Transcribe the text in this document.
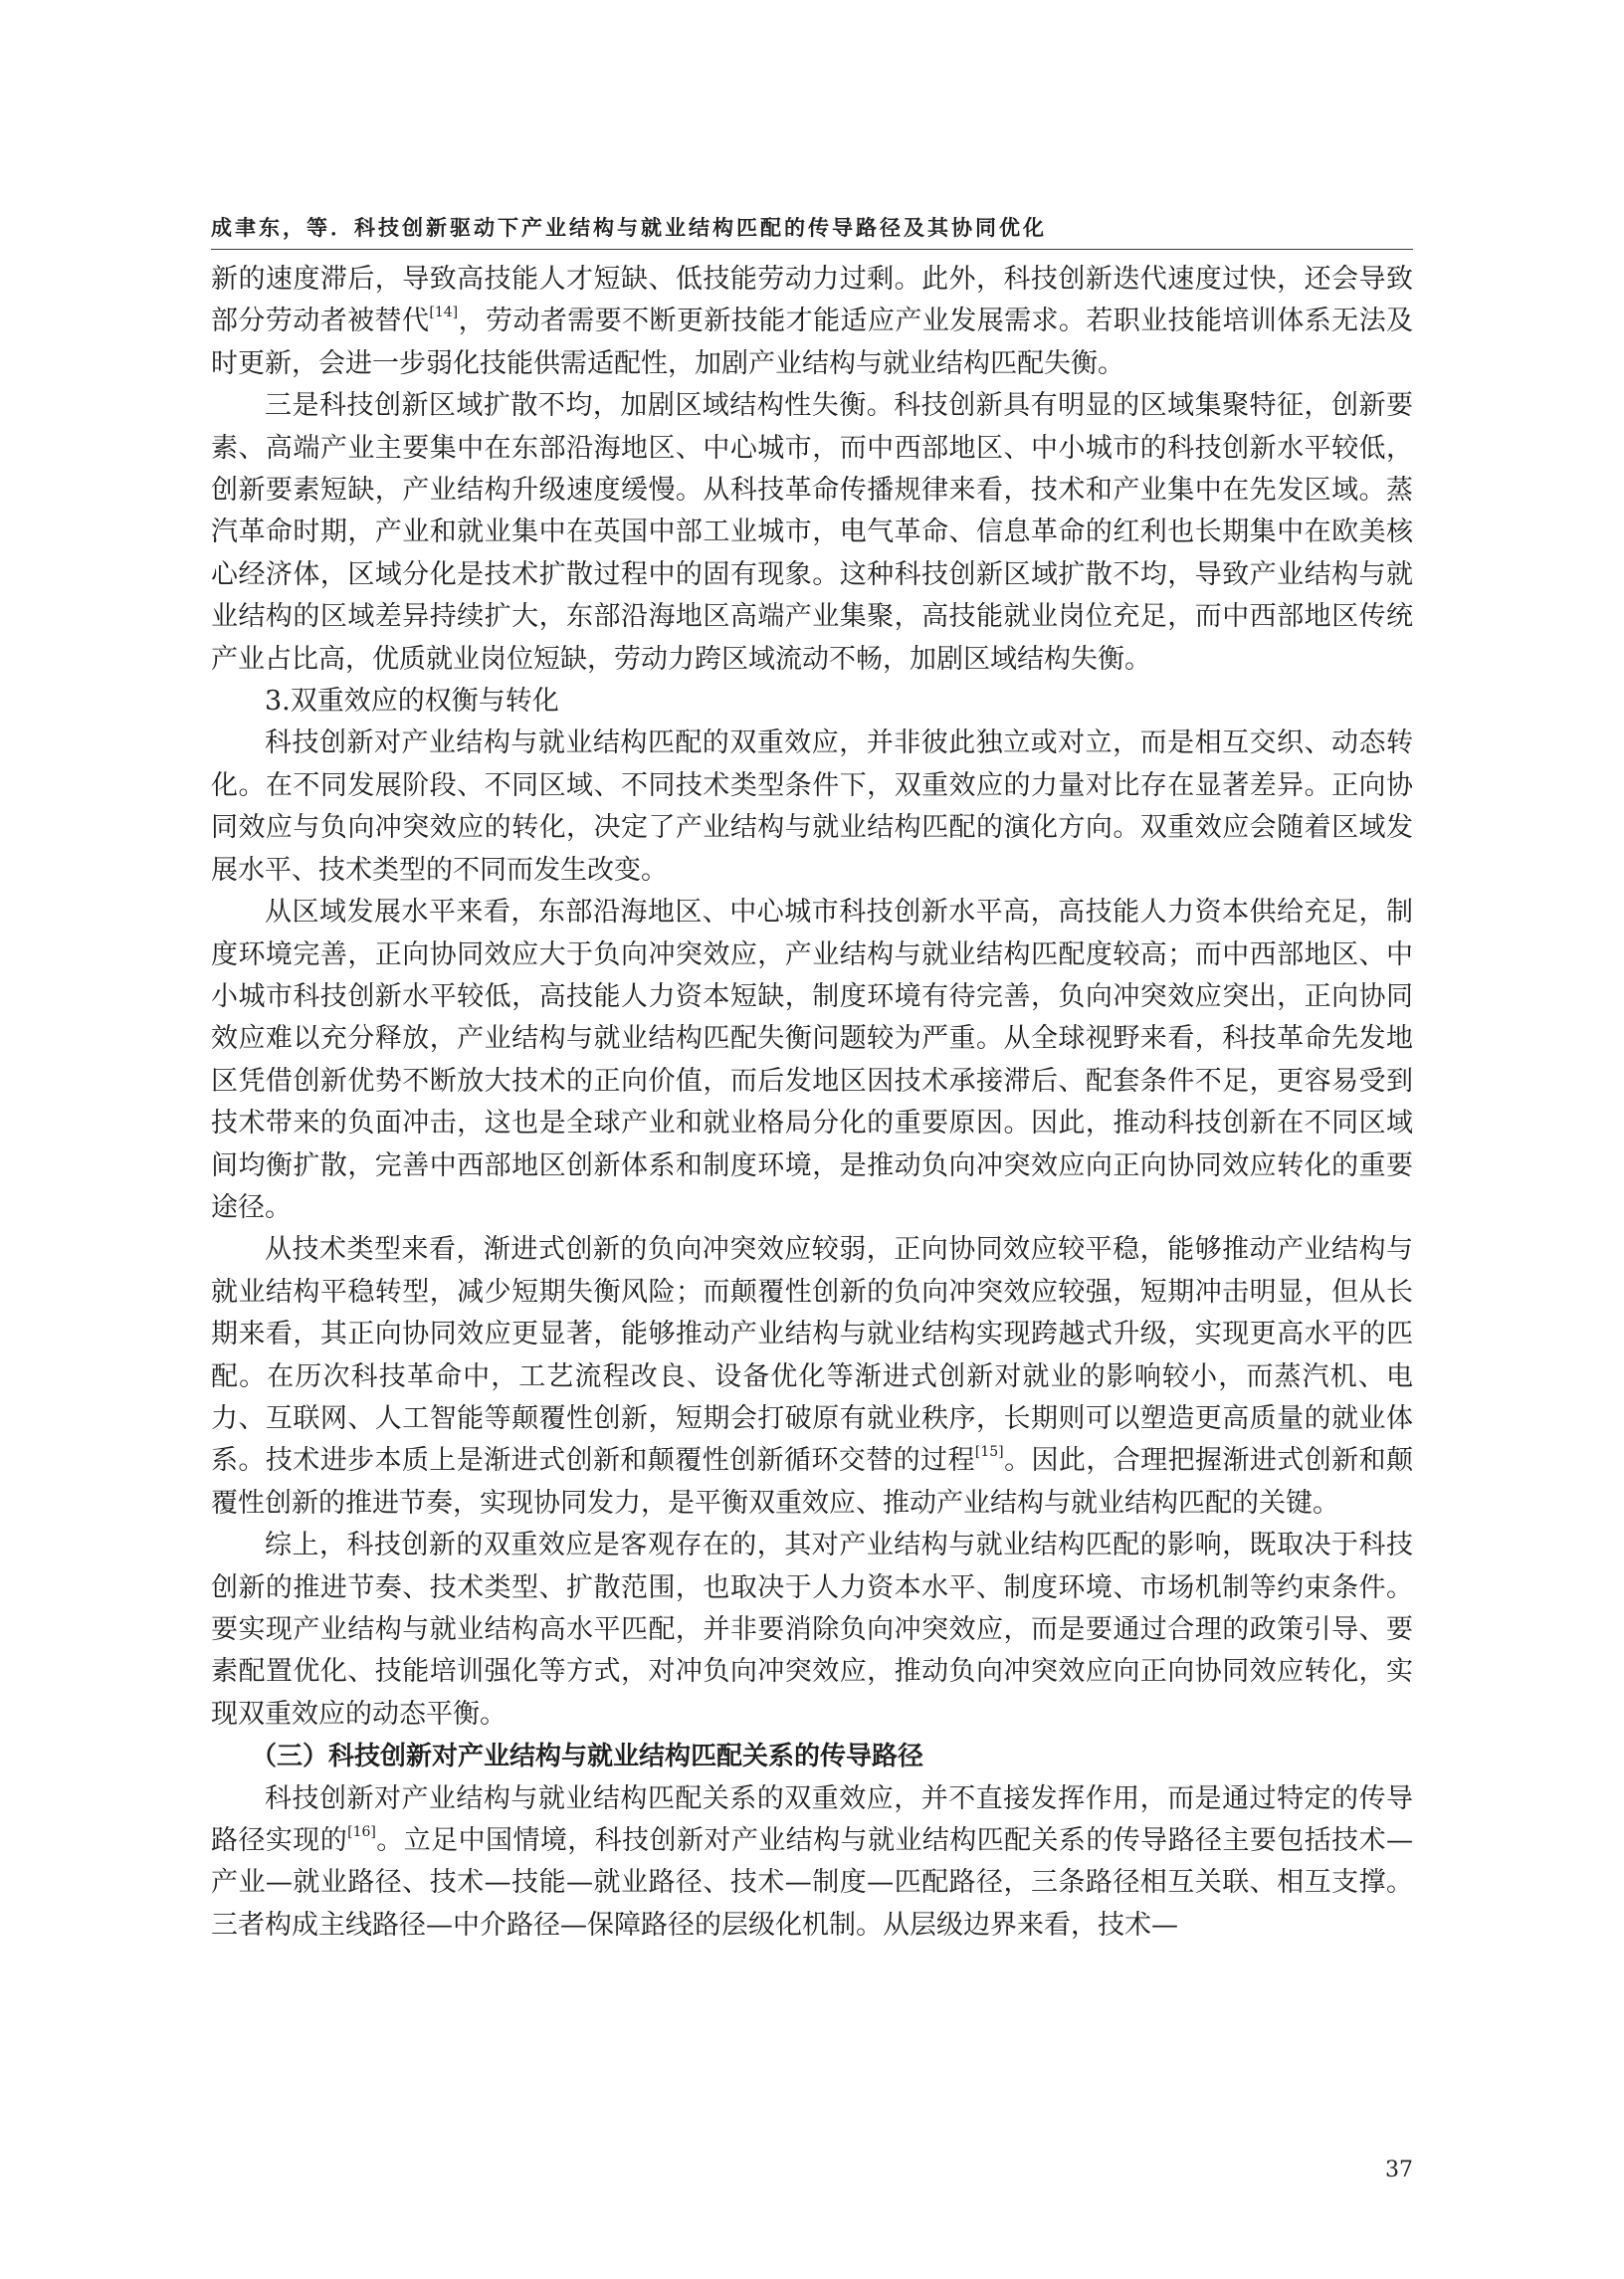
成聿东，等．科技创新驱动下产业结构与就业结构匹配的传导路径及其协同优化

新的速度滞后，导致高技能人才短缺、低技能劳动力过剩。此外，科技创新迭代速度过快，还会导致部分劳动者被替代[14]，劳动者需要不断更新技能才能适应产业发展需求。若职业技能培训体系无法及时更新，会进一步弱化技能供需适配性，加剧产业结构与就业结构匹配失衡。

三是科技创新区域扩散不均，加剧区域结构性失衡。科技创新具有明显的区域集聚特征，创新要素、高端产业主要集中在东部沿海地区、中心城市，而中西部地区、中小城市的科技创新水平较低，创新要素短缺，产业结构升级速度缓慢。从科技革命传播规律来看，技术和产业集中在先发区域。蒸汽革命时期，产业和就业集中在英国中部工业城市，电气革命、信息革命的红利也长期集中在欧美核心经济体，区域分化是技术扩散过程中的固有现象。这种科技创新区域扩散不均，导致产业结构与就业结构的区域差异持续扩大，东部沿海地区高端产业集聚，高技能就业岗位充足，而中西部地区传统产业占比高，优质就业岗位短缺，劳动力跨区域流动不畅，加剧区域结构失衡。

3.双重效应的权衡与转化

科技创新对产业结构与就业结构匹配的双重效应，并非彼此独立或对立，而是相互交织、动态转化。在不同发展阶段、不同区域、不同技术类型条件下，双重效应的力量对比存在显著差异。正向协同效应与负向冲突效应的转化，决定了产业结构与就业结构匹配的演化方向。双重效应会随着区域发展水平、技术类型的不同而发生改变。

从区域发展水平来看，东部沿海地区、中心城市科技创新水平高，高技能人力资本供给充足，制度环境完善，正向协同效应大于负向冲突效应，产业结构与就业结构匹配度较高；而中西部地区、中小城市科技创新水平较低，高技能人力资本短缺，制度环境有待完善，负向冲突效应突出，正向协同效应难以充分释放，产业结构与就业结构匹配失衡问题较为严重。从全球视野来看，科技革命先发地区凭借创新优势不断放大技术的正向价值，而后发地区因技术承接滞后、配套条件不足，更容易受到技术带来的负面冲击，这也是全球产业和就业格局分化的重要原因。因此，推动科技创新在不同区域间均衡扩散，完善中西部地区创新体系和制度环境，是推动负向冲突效应向正向协同效应转化的重要途径。

从技术类型来看，渐进式创新的负向冲突效应较弱，正向协同效应较平稳，能够推动产业结构与就业结构平稳转型，减少短期失衡风险；而颠覆性创新的负向冲突效应较强，短期冲击明显，但从长期来看，其正向协同效应更显著，能够推动产业结构与就业结构实现跨越式升级，实现更高水平的匹配。在历次科技革命中，工艺流程改良、设备优化等渐进式创新对就业的影响较小，而蒸汽机、电力、互联网、人工智能等颠覆性创新，短期会打破原有就业秩序，长期则可以塑造更高质量的就业体系。技术进步本质上是渐进式创新和颠覆性创新循环交替的过程[15]。因此，合理把握渐进式创新和颠覆性创新的推进节奏，实现协同发力，是平衡双重效应、推动产业结构与就业结构匹配的关键。

综上，科技创新的双重效应是客观存在的，其对产业结构与就业结构匹配的影响，既取决于科技创新的推进节奏、技术类型、扩散范围，也取决于人力资本水平、制度环境、市场机制等约束条件。要实现产业结构与就业结构高水平匹配，并非要消除负向冲突效应，而是要通过合理的政策引导、要素配置优化、技能培训强化等方式，对冲负向冲突效应，推动负向冲突效应向正向协同效应转化，实现双重效应的动态平衡。

（三）科技创新对产业结构与就业结构匹配关系的传导路径

科技创新对产业结构与就业结构匹配关系的双重效应，并不直接发挥作用，而是通过特定的传导路径实现的[16]。立足中国情境，科技创新对产业结构与就业结构匹配关系的传导路径主要包括技术—产业—就业路径、技术—技能—就业路径、技术—制度—匹配路径，三条路径相互关联、相互支撑。三者构成主线路径—中介路径—保障路径的层级化机制。从层级边界来看，技术—

37
